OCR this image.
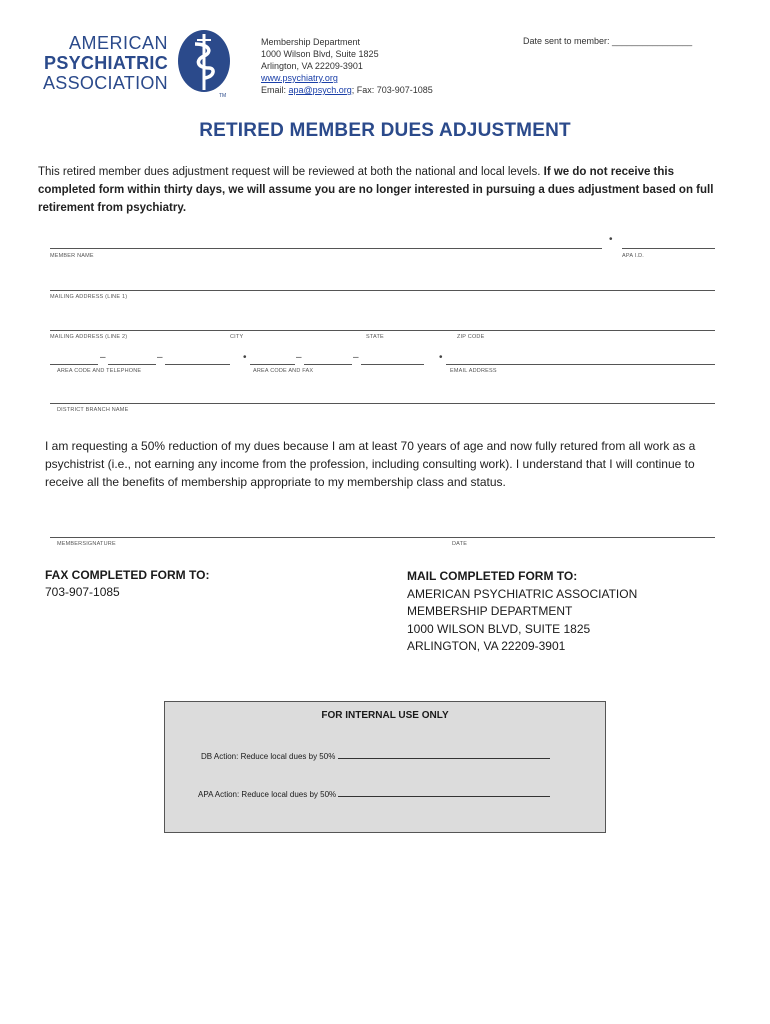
AMERICAN
PSYCHIATRIC
ASSOCIATION
TM
Membership Department
1000 Wilson Blvd, Suite 1825
Arlington, VA 22209-3901
www.psychiatry.org
Email: apa@psych.org; Fax: 703-907-1085
Date sent to member: ________________
RETIRED MEMBER DUES ADJUSTMENT
This retired member dues adjustment request will be reviewed at both the national and local levels. If we do not receive this completed form within thirty days, we will assume you are no longer interested in pursuing a dues adjustment based on full retirement from psychiatry.
•
MEMBER NAME	APA I.D.
MAILING ADDRESS (LINE 1)
MAILING ADDRESS (LINE 2)	CITY	STATE	ZIP CODE
–	–	•	–	–	•
AREA CODE AND TELEPHONE	AREA CODE AND FAX	EMAIL ADDRESS
DISTRICT BRANCH NAME
I am requesting a 50% reduction of my dues because I am at least 70 years of age and now fully retured from all work as a psychistrist (i.e., not earning any income from the profession, including consulting work). I understand that I will continue to receive all the benefits of membership appropriate to my membership class and status.
MEMBERSIGNATURE	DATE
FAX COMPLETED FORM TO:
703-907-1085
MAIL COMPLETED FORM TO:
AMERICAN PSYCHIATRIC ASSOCIATION
MEMBERSHIP DEPARTMENT
1000 WILSON BLVD, SUITE 1825
ARLINGTON, VA 22209-3901
FOR INTERNAL USE ONLY
DB Action: Reduce local dues by 50%
APA Action: Reduce local dues by 50%
